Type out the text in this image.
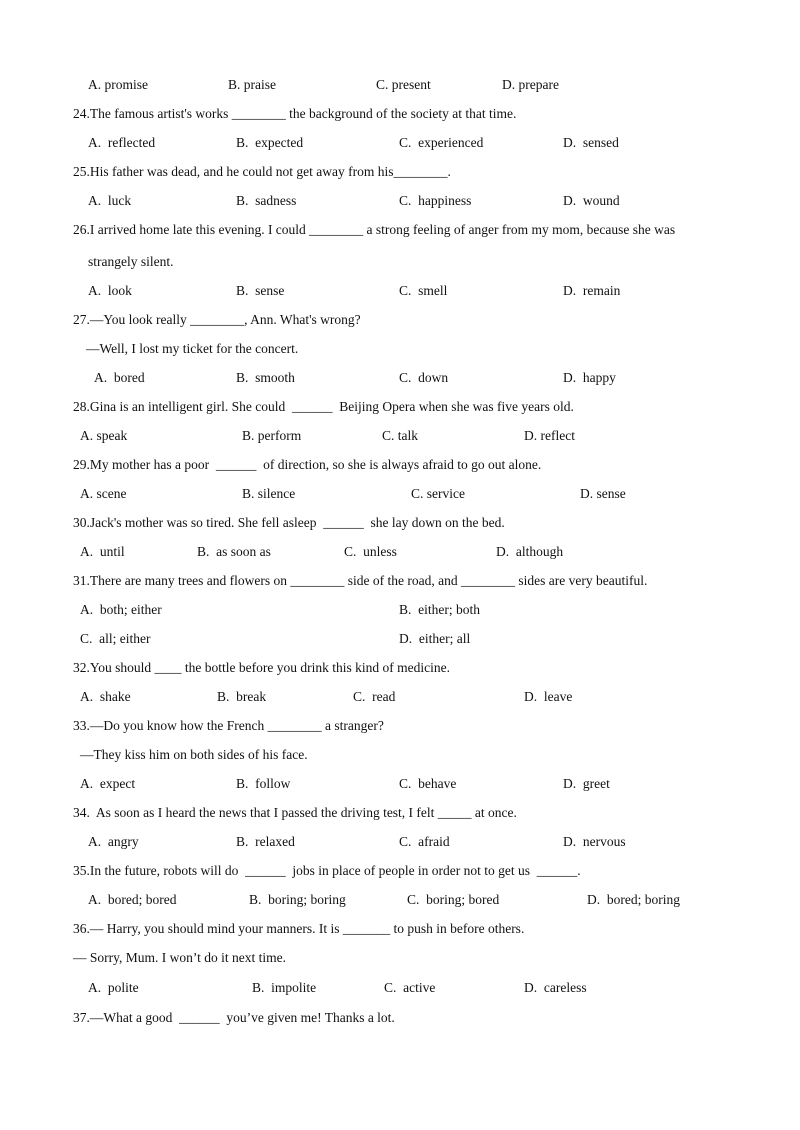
A. promise	B. praise	C. present	D. prepare
24.The famous artist's works ________ the background of the society at that time.
A.  reflected	B.  expected	C.  experienced	D.  sensed
25.His father was dead, and he could not get away from his________.
A.  luck	B.  sadness	C.  happiness	D.  wound
26.I arrived home late this evening. I could ________ a strong feeling of anger from my mom, because she was
strangely silent.
A.  look	B.  sense	C.  smell	D.  remain
27.—You look really ________, Ann. What's wrong?
—Well, I lost my ticket for the concert.
A.  bored	B.  smooth	C.  down	D.  happy
28.Gina is an intelligent girl. She could  ______  Beijing Opera when she was five years old.
A. speak	B. perform	C. talk	D. reflect
29.My mother has a poor  ______  of direction, so she is always afraid to go out alone.
A. scene	B. silence	C. service	D. sense
30.Jack's mother was so tired. She fell asleep  ______  she lay down on the bed.
A.  until	B.  as soon as	C.  unless	D.  although
31.There are many trees and flowers on ________ side of the road, and ________ sides are very beautiful.
A.  both; either	B.  either; both
C.  all; either	D.  either; all
32.You should ____ the bottle before you drink this kind of medicine.
A.  shake	B.  break	C.  read	D.  leave
33.—Do you know how the French ________ a stranger?
—They kiss him on both sides of his face.
A.  expect	B.  follow	C.  behave	D.  greet
34.  As soon as I heard the news that I passed the driving test, I felt _____ at once.
A.  angry	B.  relaxed	C.  afraid	D.  nervous
35.In the future, robots will do  ______  jobs in place of people in order not to get us  ______.
A.  bored; bored	B.  boring; boring	C.  boring; bored	D.  bored; boring
36.— Harry, you should mind your manners. It is _______ to push in before others.
— Sorry, Mum. I won’t do it next time.
A.  polite	B.  impolite	C.  active	D.  careless
37.—What a good  ______  you’ve given me! Thanks a lot.
